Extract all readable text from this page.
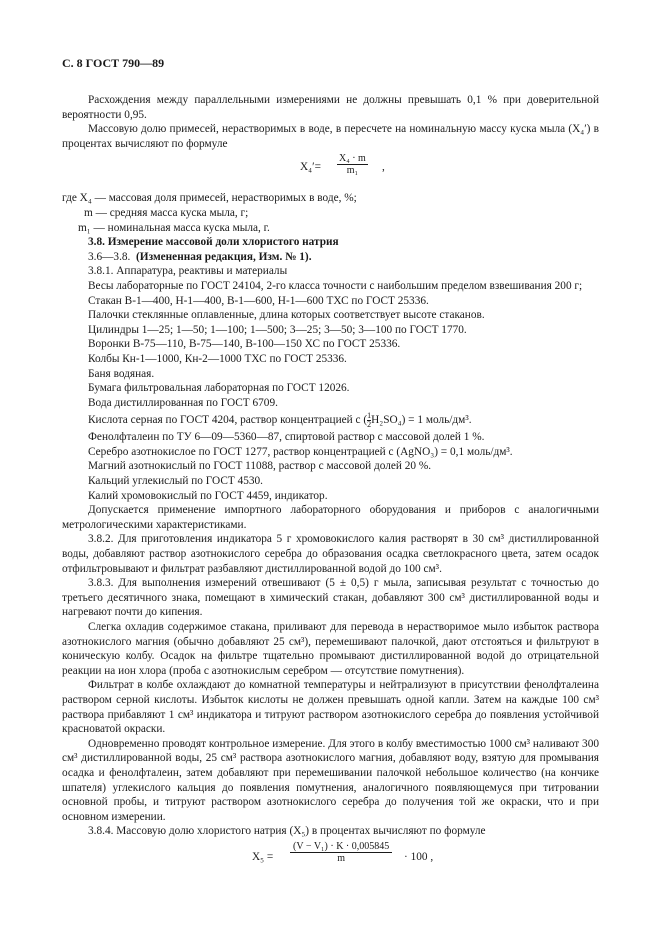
С. 8 ГОСТ 790—89

Расхождения между параллельными измерениями не должны превышать 0,1 % при доверительной вероятности 0,95.

Массовую долю примесей, нерастворимых в воде, в пересчете на номинальную массу куска мыла (X₄′) в процентах вычисляют по формуле

$X_4'= \frac{\text{X₄ · m}}{\text{m₁}}$ ,

где X₄ — массовая доля примесей, нерастворимых в воде, %;

m — средняя масса куска мыла, г;

m₁ — номинальная масса куска мыла, г.

3.8. Измерение массовой доли хлористого натрия

3.6—3.8. (Измененная редакция, Изм. № 1).

3.8.1. Аппаратура, реактивы и материалы

Весы лабораторные по ГОСТ 24104, 2-го класса точности с наибольшим пределом взвешивания 200 г;

Стакан В-1—400, Н-1—400, В-1—600, Н-1—600 ТХС по ГОСТ 25336.

Палочки стеклянные оплавленные, длина которых соответствует высоте стаканов.

Цилиндры 1—25; 1—50; 1—100; 1—500; 3—25; 3—50; 3—100 по ГОСТ 1770.

Воронки В-75—110, В-75—140, В-100—150 ХС по ГОСТ 25336.

Колбы Кн-1—1000, Кн-2—1000 ТХС по ГОСТ 25336.

Баня водяная.

Бумага фильтровальная лабораторная по ГОСТ 12026.

Вода дистиллированная по ГОСТ 6709.

Кислота серная по ГОСТ 4204, раствор концентрацией с ( $\frac{1}{2} H_2SO_4) = 1$ моль/дм³.

Фенолфталеин по ТУ 6—09—5360—87, спиртовой раствор с массовой долей 1 %.

Серебро азотнокислое по ГОСТ 1277, раствор концентрацией с (AgNO₃) = 0,1 моль/дм³.

Магний азотнокислый по ГОСТ 11088, раствор с массовой долей 20 %.

Кальций углекислый по ГОСТ 4530.

Калий хромовокислый по ГОСТ 4459, индикатор.

Допускается применение импортного лабораторного оборудования и приборов с аналогичными метрологическими характеристиками.

3.8.2. Для приготовления индикатора 5 г хромовокислого калия растворят в 30 см³ дистиллированной воды, добавляют раствор азотнокислого серебра до образования осадка светлокрасного цвета, затем осадок отфильтровывают и фильтрат разбавляют дистиллированной водой до 100 см³.

3.8.3. Для выполнения измерений отвешивают (5 ± 0,5) г мыла, записывая результат с точностью до третьего десятичного знака, помещают в химический стакан, добавляют 300 см³ дистиллированной воды и нагревают почти до кипения.

Слегка охладив содержимое стакана, приливают для перевода в нерастворимое мыло избыток раствора азотнокислого магния (обычно добавляют 25 см³), перемешивают палочкой, дают отстояться и фильтруют в коническую колбу. Осадок на фильтре тщательно промывают дистиллированной водой до отрицательной реакции на ион хлора (проба с азотнокислым серебром — отсутствие помутнения).

Фильтрат в колбе охлаждают до комнатной температуры и нейтрализуют в присутствии фенолфталеина раствором серной кислоты. Избыток кислоты не должен превышать одной капли. Затем на каждые 100 см³ раствора прибавляют 1 см³ индикатора и титруют раствором азотнокислого серебра до появления устойчивой красноватой окраски.

Одновременно проводят контрольное измерение. Для этого в колбу вместимостью 1000 см³ наливают 300 см³ дистиллированной воды, 25 см³ раствора азотнокислого магния, добавляют воду, взятую для промывания осадка и фенолфталеин, затем добавляют при перемешивании палочкой небольшое количество (на кончике шпателя) углекислого кальция до появления помутнения, аналогичного появляющемуся при титровании основной пробы, и титруют раствором азотнокислого серебра до получения той же окраски, что и при основном измерении.

3.8.4. Массовую долю хлористого натрия (X₅) в процентах вычисляют по формуле

$X_5 = \frac{\text{(V − V₁) · K · 0,005845}}{m} \cdot 100$ ,
